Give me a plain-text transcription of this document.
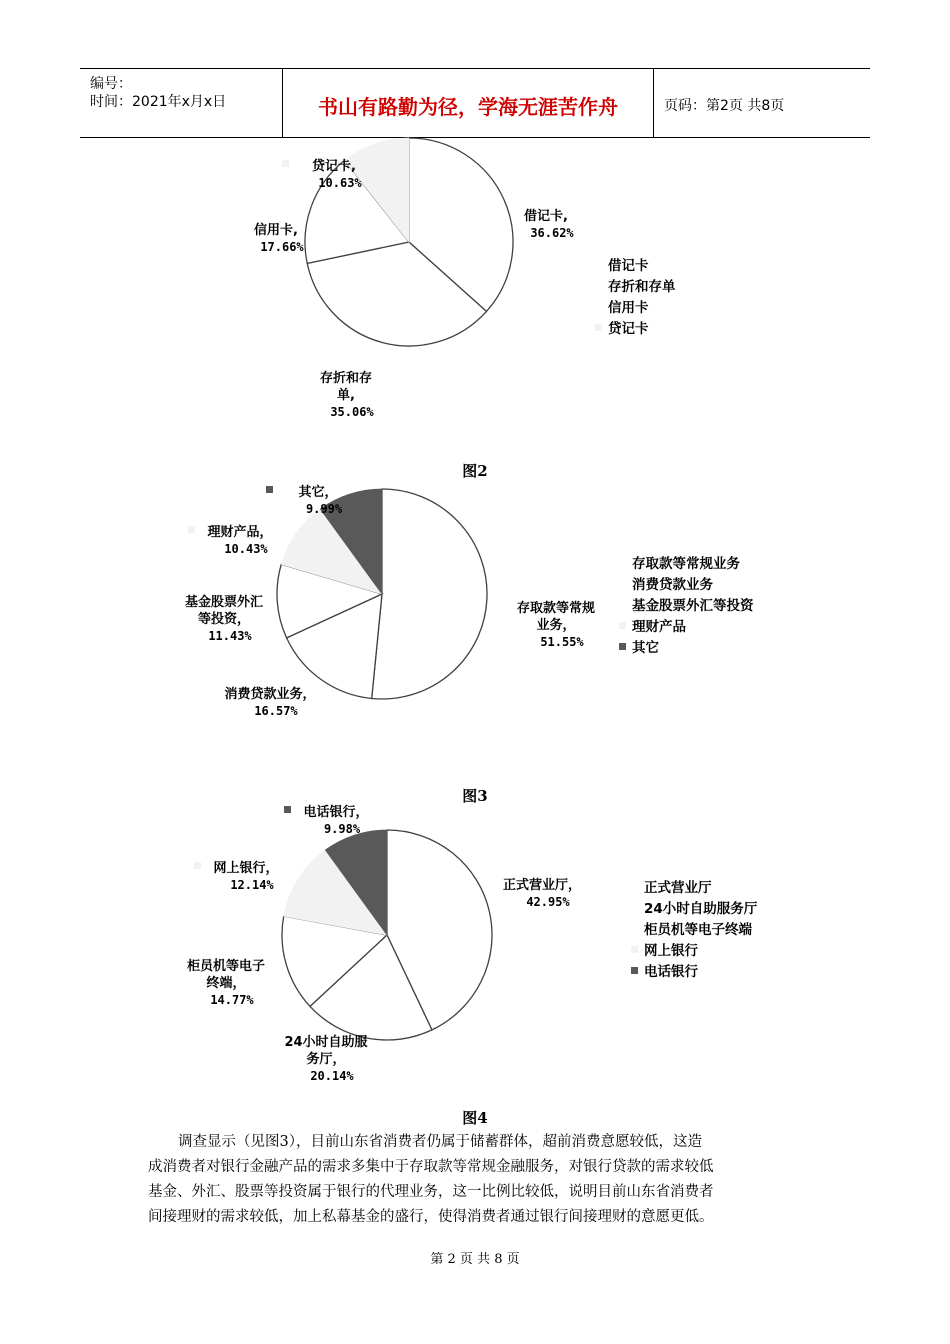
编号：
时间：2021年x月x日	书山有路勤为径，学海无涯苦作舟	页码：第2页 共8页
借记卡, 36.62%
存折和存单, 35.06%
信用卡, 17.66%
贷记卡, 10.63%
借记卡
存折和存单
信用卡
贷记卡
图2
存取款等常规业务， 51.55%
消费贷款业务， 16.57%
基金股票外汇等投资， 11.43%
理财产品， 10.43%
其它， 9.99%
存取款等常规业务
消费贷款业务
基金股票外汇等投资
理财产品
其它
图3
正式营业厅， 42.95%
24小时自助服务厅， 20.14%
柜员机等电子终端， 14.77%
网上银行， 12.14%
电话银行， 9.98%
正式营业厅
24小时自助服务厅
柜员机等电子终端
网上银行
电话银行
图4

调查显示（见图3），目前山东省消费者仍属于储蓄群体，超前消费意愿较低，这造

成消费者对银行金融产品的需求多集中于存取款等常规金融服务，对银行贷款的需求较低

基金、外汇、股票等投资属于银行的代理业务，这一比例比较低，说明目前山东省消费者

间接理财的需求较低，加上私幕基金的盛行，使得消费者通过银行间接理财的意愿更低。

第 2 页 共 8 页
